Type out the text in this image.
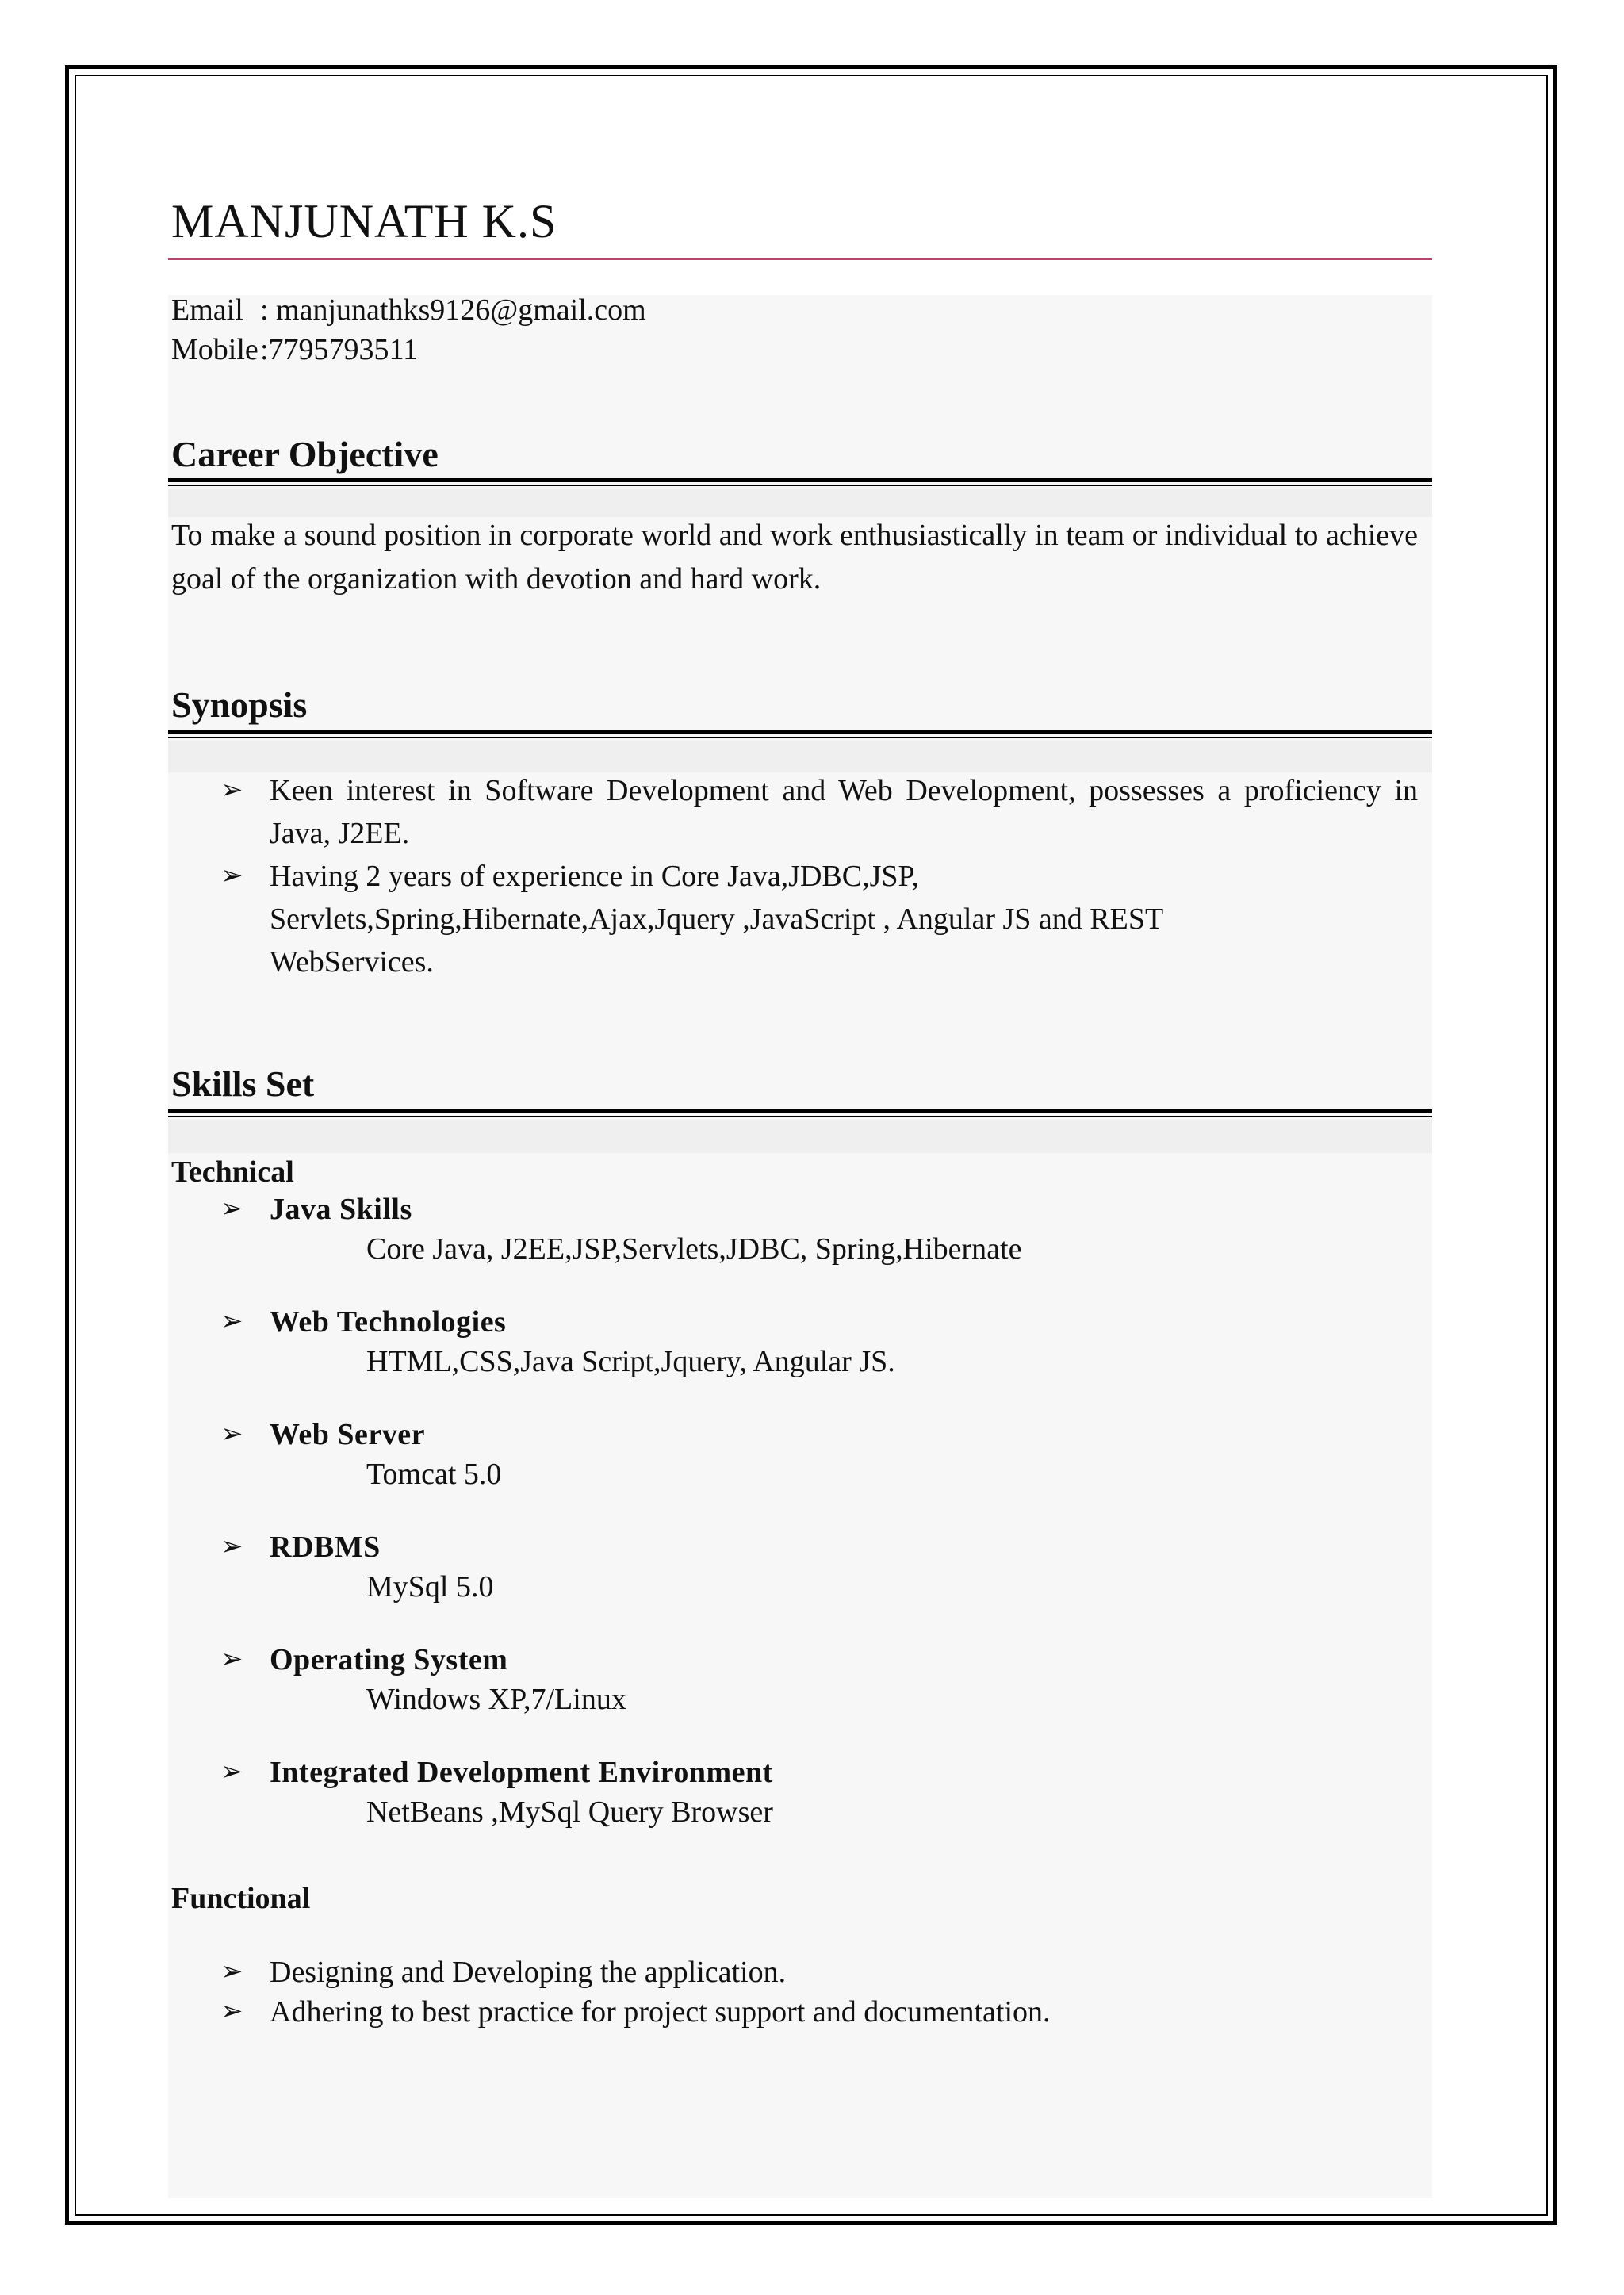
MANJUNATH K.S
Email : manjunathks9126@gmail.com
Mobile:7795793511
Career Objective
To make a sound position in corporate world and work enthusiastically in team or individual to achieve goal of the organization with devotion and hard work.
Synopsis
➢ Keen interest in Software Development and Web Development, possesses a proficiency in Java, J2EE.
➢ Having 2 years of experience in Core Java,JDBC,JSP, Servlets,Spring,Hibernate,Ajax,Jquery ,JavaScript , Angular JS and REST WebServices.
Skills Set
Technical
➢ Java Skills
Core Java, J2EE,JSP,Servlets,JDBC, Spring,Hibernate
➢ Web Technologies
HTML,CSS,Java Script,Jquery, Angular JS.
➢ Web Server
Tomcat 5.0
➢ RDBMS
MySql 5.0
➢ Operating System
Windows XP,7/Linux
➢ Integrated Development Environment
NetBeans ,MySql Query Browser
Functional
➢ Designing and Developing the application.
➢ Adhering to best practice for project support and documentation.
